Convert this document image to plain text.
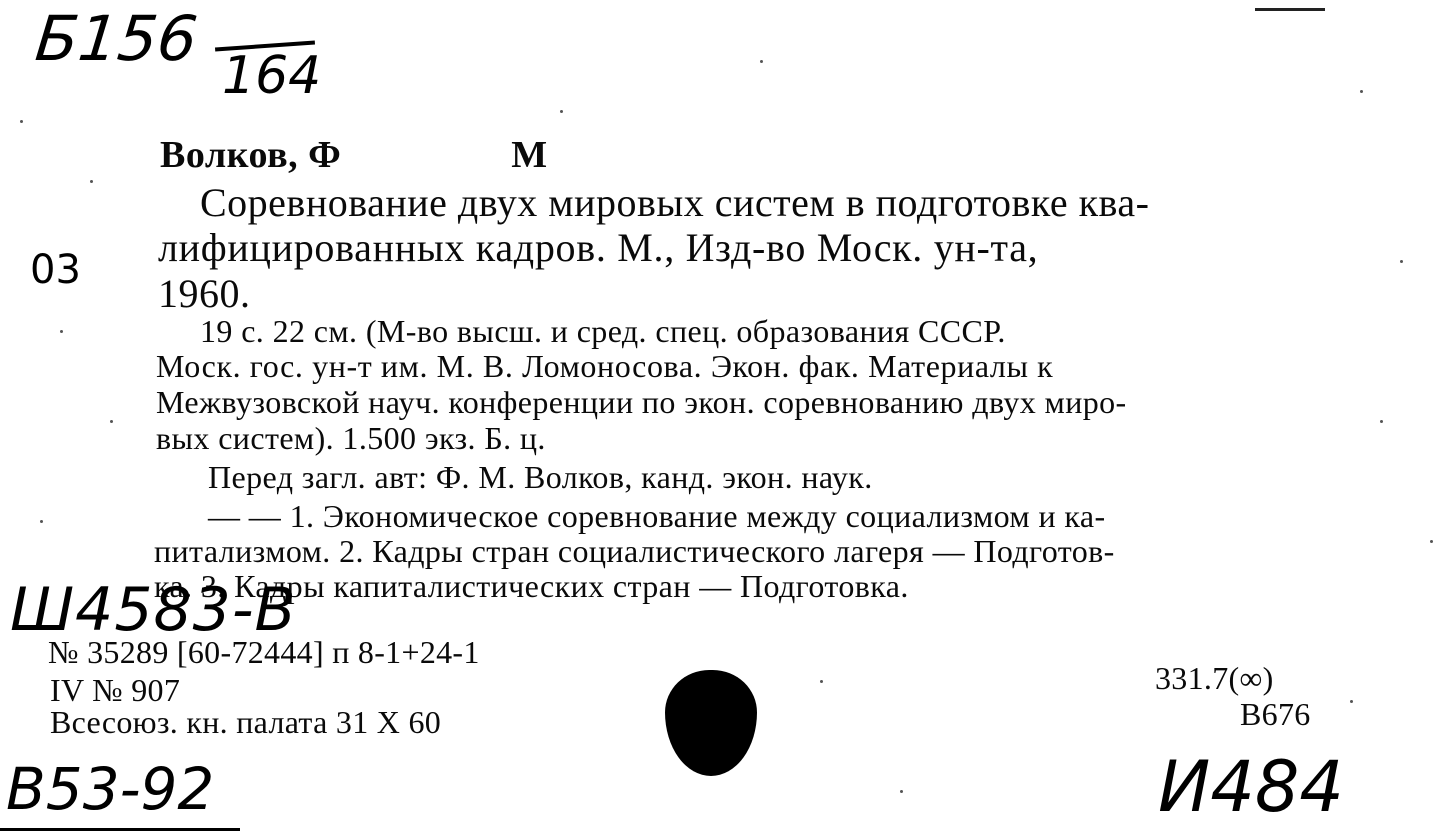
Б156
164
03
Волков, Ф	М
Соревнование двух мировых систем в подготовке ква-
лифицированных кадров. М., Изд-во Моск. ун-та,
1960.
19 с. 22 см. (М-во высш. и сред. спец. образования СССР.
Моск. гос. ун-т им. М. В. Ломоносова. Экон. фак. Материалы к
Межвузовской науч. конференции по экон. соревнованию двух миро-
вых систем). 1.500 экз. Б. ц.
Перед загл. авт: Ф. М. Волков, канд. экон. наук.
— — 1. Экономическое соревнование между социализмом и ка-
питализмом. 2. Кадры стран социалистического лагеря — Подготов-
ка. 3. Кадры капиталистических стран — Подготовка.
Ш4583-В
№ 35289 [60-72444] п 8-1+24-1
IV № 907
Всесоюз. кн. палата 31 X 60
331.7(∞)
В676
В53-92	И484
